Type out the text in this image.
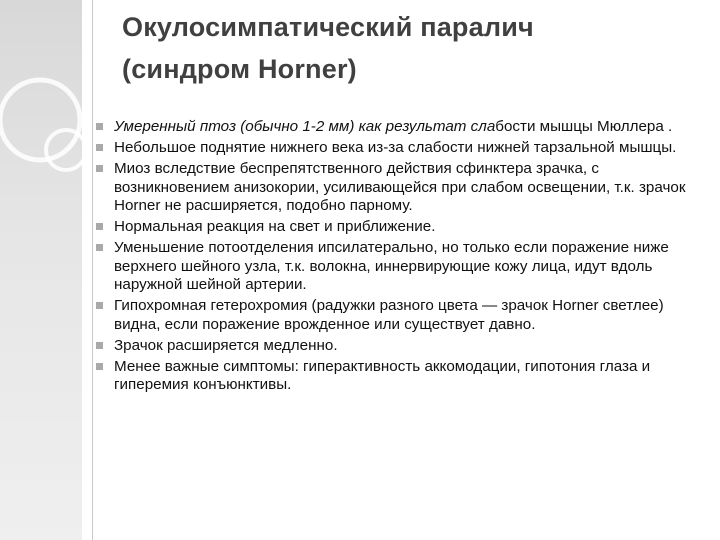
Окулосимпатический паралич
(синдром Horner)
Умеренный птоз (обычно 1-2 мм) как результат слабости мышцы Мюллера .
Небольшое поднятие нижнего века из-за слабости нижней тарзальной мышцы.
Миоз вследствие беспрепятственного действия сфинктера зрачка, с возникновением анизокории, усиливающейся при слабом освещении, т.к. зрачок Horner не расширяется, подобно парному.
Нормальная реакция на свет и приближение.
Уменьшение потоотделения ипсилатерально, но только если поражение ниже верхнего шейного узла, т.к. волокна, иннервирующие кожу лица, идут вдоль наружной шейной артерии.
Гипохромная гетерохромия (радужки разного цвета — зрачок Horner светлее) видна, если поражение врожденное или существует давно.
Зрачок расширяется медленно.
Менее важные симптомы: гиперактивность аккомодации, гипотония глаза и гиперемия конъюнктивы.
